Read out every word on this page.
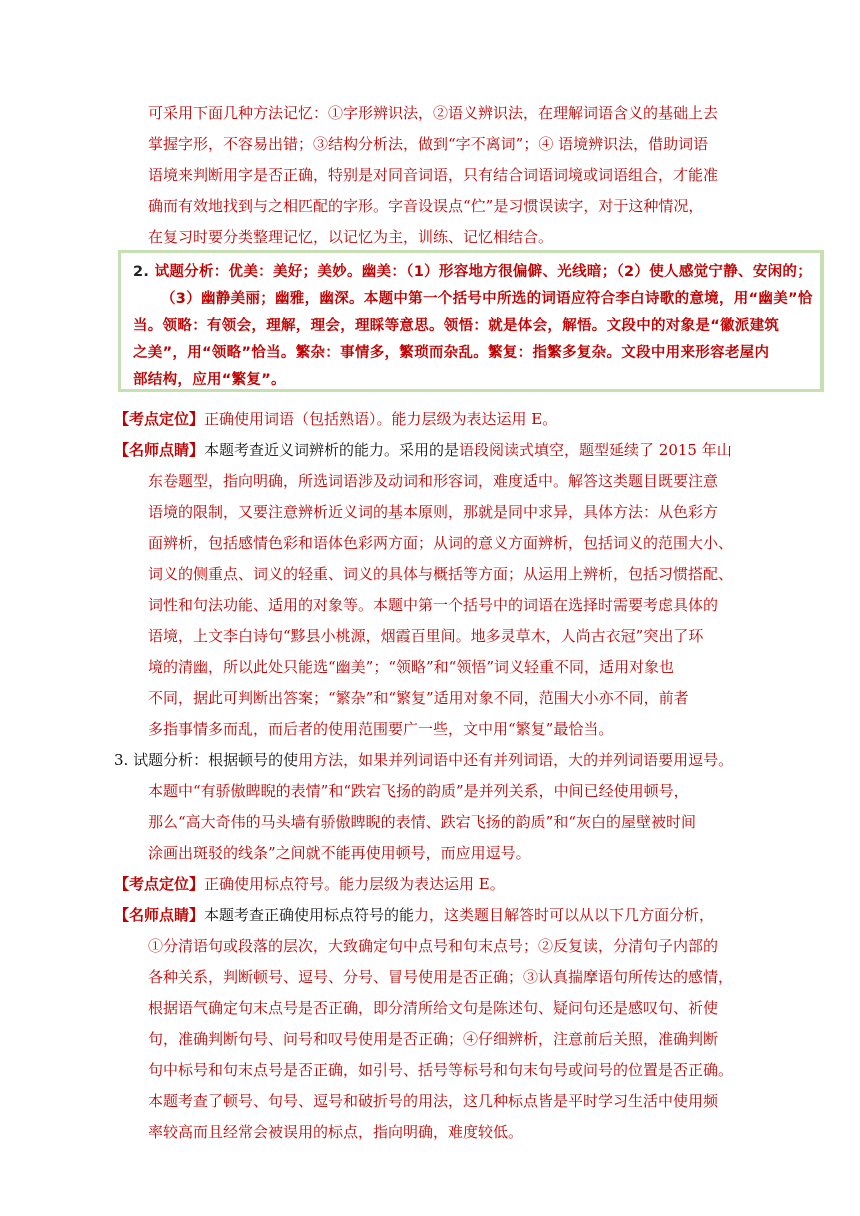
可采用下面几种方法记忆：①字形辨识法，②语义辨识法，在理解词语含义的基础上去
掌握字形，不容易出错；③结构分析法，做到“字不离词”；④ 语境辨识法，借助词语
语境来判断用字是否正确，特别是对同音词语，只有结合词语词境或词语组合，才能准
确而有效地找到与之相匹配的字形。字音设误点“伫”是习惯误读字，对于这种情况，
在复习时要分类整理记忆，以记忆为主，训练、记忆相结合。
2. 试题分析：优美：美好；美妙。幽美：（1）形容地方很偏僻、光线暗；（2）使人感觉宁静、安闲的；
（3）幽静美丽；幽雅，幽深。本题中第一个括号中所选的词语应符合李白诗歌的意境，用“幽美”恰
当。领略：有领会，理解，理会，理睬等意思。领悟：就是体会，解悟。文段中的对象是“徽派建筑
之美”，用“领略”恰当。繁杂：事情多，繁琐而杂乱。繁复：指繁多复杂。文段中用来形容老屋内
部结构，应用“繁复”。
【考点定位】正确使用词语（包括熟语）。能力层级为表达运用 E。
【名师点睛】本题考查近义词辨析的能力。采用的是语段阅读式填空，题型延续了 2015 年山
东卷题型，指向明确，所选词语涉及动词和形容词，难度适中。解答这类题目既要注意
语境的限制，又要注意辨析近义词的基本原则，那就是同中求异，具体方法：从色彩方
面辨析，包括感情色彩和语体色彩两方面；从词的意义方面辨析，包括词义的范围大小、
词义的侧重点、词义的轻重、词义的具体与概括等方面；从运用上辨析，包括习惯搭配、
词性和句法功能、适用的对象等。本题中第一个括号中的词语在选择时需要考虑具体的
语境，上文李白诗句“黟县小桃源，烟霞百里间。地多灵草木，人尚古衣冠”突出了环
境的清幽，所以此处只能选“幽美”；“领略”和“领悟”词义轻重不同，适用对象也
不同，据此可判断出答案；“繁杂”和“繁复”适用对象不同，范围大小亦不同，前者
多指事情多而乱，而后者的使用范围要广一些，文中用“繁复”最恰当。
3. 试题分析：根据顿号的使用方法，如果并列词语中还有并列词语，大的并列词语要用逗号。
本题中“有骄傲睥睨的表情”和“跌宕飞扬的韵质”是并列关系，中间已经使用顿号，
那么“高大奇伟的马头墙有骄傲睥睨的表情、跌宕飞扬的韵质”和“灰白的屋壁被时间
涂画出斑驳的线条”之间就不能再使用顿号，而应用逗号。
【考点定位】正确使用标点符号。能力层级为表达运用 E。
【名师点睛】本题考查正确使用标点符号的能力，这类题目解答时可以从以下几方面分析，
①分清语句或段落的层次，大致确定句中点号和句末点号；②反复读，分清句子内部的
各种关系，判断顿号、逗号、分号、冒号使用是否正确；③认真揣摩语句所传达的感情，
根据语气确定句末点号是否正确，即分清所给文句是陈述句、疑问句还是感叹句、祈使
句，准确判断句号、问号和叹号使用是否正确；④仔细辨析，注意前后关照，准确判断
句中标号和句末点号是否正确，如引号、括号等标号和句末句号或问号的位置是否正确。
本题考查了顿号、句号、逗号和破折号的用法，这几种标点皆是平时学习生活中使用频
率较高而且经常会被误用的标点，指向明确，难度较低。
